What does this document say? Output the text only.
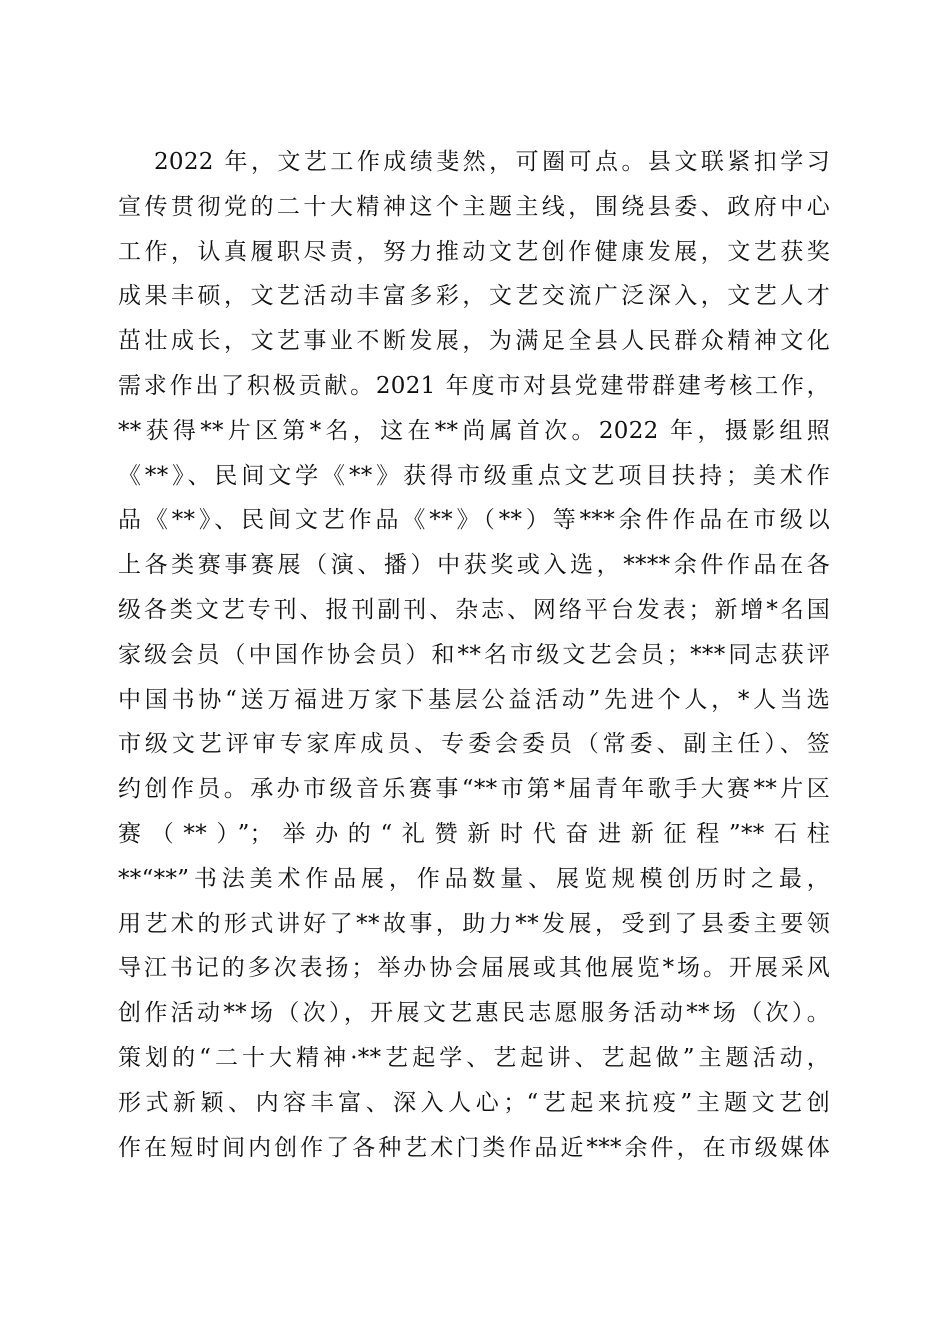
2022 年，文艺工作成绩斐然，可圈可点。县文联紧扣学习
宣传贯彻党的二十大精神这个主题主线，围绕县委、政府中心
工作，认真履职尽责，努力推动文艺创作健康发展，文艺获奖
成果丰硕，文艺活动丰富多彩，文艺交流广泛深入，文艺人才
茁壮成长，文艺事业不断发展，为满足全县人民群众精神文化
需求作出了积极贡献。2021 年度市对县党建带群建考核工作，
**获得**片区第*名，这在**尚属首次。2022 年，摄影组照
《**》、民间文学《**》获得市级重点文艺项目扶持；美术作
品《**》、民间文艺作品《**》（**）等***余件作品在市级以
上各类赛事赛展（演、播）中获奖或入选，****余件作品在各
级各类文艺专刊、报刊副刊、杂志、网络平台发表；新增*名国
家级会员（中国作协会员）和**名市级文艺会员；***同志获评
中国书协“送万福进万家下基层公益活动”先进个人，*人当选
市级文艺评审专家库成员、专委会委员（常委、副主任）、签
约创作员。承办市级音乐赛事“**市第*届青年歌手大赛**片区
赛（**）”；举办的“礼赞新时代奋进新征程”**石柱
**“**”书法美术作品展，作品数量、展览规模创历时之最，
用艺术的形式讲好了**故事，助力**发展，受到了县委主要领
导江书记的多次表扬；举办协会届展或其他展览*场。开展采风
创作活动**场（次），开展文艺惠民志愿服务活动**场（次）。
策划的“二十大精神·**艺起学、艺起讲、艺起做”主题活动，
形式新颖、内容丰富、深入人心；“艺起来抗疫”主题文艺创
作在短时间内创作了各种艺术门类作品近***余件，在市级媒体
